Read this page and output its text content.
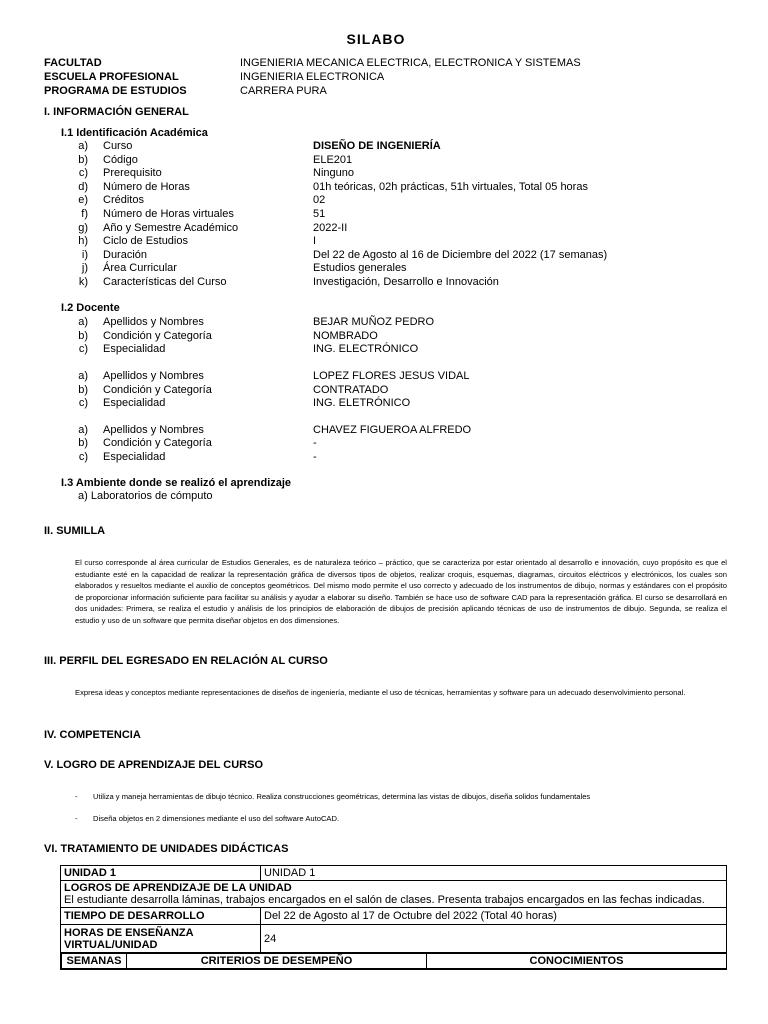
SILABO
FACULTAD	INGENIERIA MECANICA ELECTRICA, ELECTRONICA Y SISTEMAS
ESCUELA PROFESIONAL	INGENIERIA ELECTRONICA
PROGRAMA DE ESTUDIOS	CARRERA PURA
I. INFORMACIÓN GENERAL
I.1 Identificación Académica
a) Curso	DISEÑO DE INGENIERÍA
b) Código	ELE201
c) Prerequisito	Ninguno
d) Número de Horas	01h teóricas, 02h prácticas, 51h virtuales, Total 05 horas
e) Créditos	02
f) Número de Horas virtuales	51
g) Año y Semestre Académico	2022-II
h) Ciclo de Estudios	I
i) Duración	Del 22 de Agosto al 16 de Diciembre del 2022 (17 semanas)
j) Área Curricular	Estudios generales
k) Características del Curso	Investigación, Desarrollo e Innovación
I.2 Docente
a) Apellidos y Nombres	BEJAR MUÑOZ PEDRO
b) Condición y Categoría	NOMBRADO
c) Especialidad	ING. ELECTRÓNICO
a) Apellidos y Nombres	LOPEZ FLORES JESUS VIDAL
b) Condición y Categoría	CONTRATADO
c) Especialidad	ING. ELETRÓNICO
a) Apellidos y Nombres	CHAVEZ FIGUEROA ALFREDO
b) Condición y Categoría	-
c) Especialidad	-
I.3 Ambiente donde se realizó el aprendizaje
a) Laboratorios de cómputo
II. SUMILLA
El curso corresponde al área curricular de Estudios Generales, es de naturaleza teórico – práctico, que se caracteriza por estar orientado al desarrollo e innovación, cuyo propósito es que el estudiante esté en la capacidad de realizar la representación gráfica de diversos tipos de objetos, realizar croquis, esquemas, diagramas, circuitos eléctricos y electrónicos, los cuales son elaborados y resueltos mediante el auxilio de conceptos geométricos. Del mismo modo permite el uso correcto y adecuado de los instrumentos de dibujo, normas y estándares con el propósito de proporcionar información suficiente para facilitar su análisis y ayudar a elaborar su diseño. También se hace uso de software CAD para la representación gráfica. El curso se desarrollará en dos unidades: Primera, se realiza el estudio y análisis de los principios de elaboración de dibujos de precisión aplicando técnicas de uso de instrumentos de dibujo. Segunda, se realiza el estudio y uso de un software que permita diseñar objetos en dos dimensiones.
III. PERFIL DEL EGRESADO EN RELACIÓN AL CURSO
Expresa ideas y conceptos mediante representaciones de diseños de ingeniería, mediante el uso de técnicas, herramientas y software para un adecuado desenvolvimiento personal.
IV. COMPETENCIA
V. LOGRO DE APRENDIZAJE DEL CURSO
- Utiliza y maneja herramientas de dibujo técnico. Realiza construcciones geométricas, determina las vistas de dibujos, diseña solidos fundamentales
- Diseña objetos en 2 dimensiones mediante el uso del software AutoCAD.
VI. TRATAMIENTO DE UNIDADES DIDÁCTICAS
UNIDAD 1	UNIDAD 1

LOGROS DE APRENDIZAJE DE LA UNIDAD
El estudiante desarrolla láminas, trabajos encargados en el salón de clases. Presenta trabajos encargados en las fechas indicadas.

TIEMPO DE DESARROLLO	Del 22 de Agosto al 17 de Octubre del 2022 (Total 40 horas)
HORAS DE ENSEÑANZA VIRTUAL/UNIDAD	24

SEMANAS	CRITERIOS DE DESEMPEÑO	CONOCIMIENTOS
